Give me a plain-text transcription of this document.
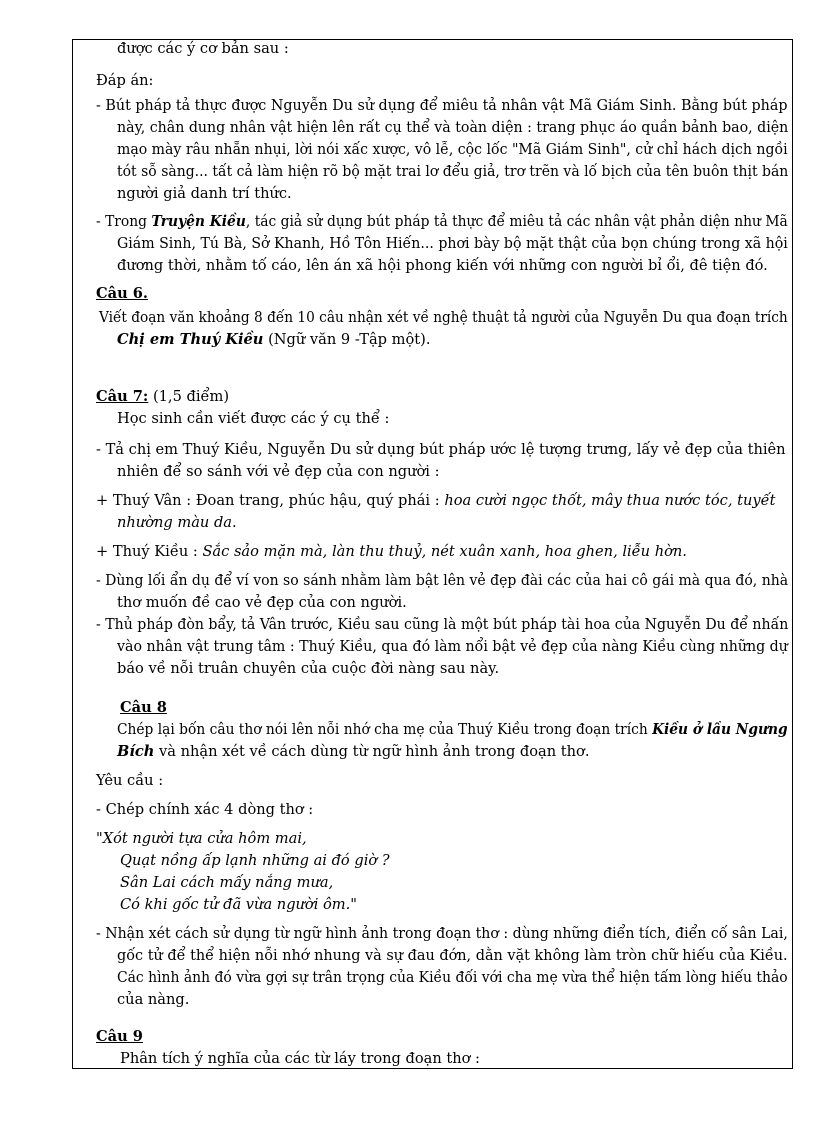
được các ý cơ bản sau :
Đáp án:
- Bút pháp tả thực được Nguyễn Du sử dụng để miêu tả nhân vật Mã Giám Sinh. Bằng bút pháp
này, chân dung nhân vật hiện lên rất cụ thể và toàn diện : trang phục áo quần bảnh bao, diện
mạo mày râu nhẵn nhụi, lời nói xấc xược, vô lễ, cộc lốc "Mã Giám Sinh", cử chỉ hách dịch ngồi
tót sỗ sàng... tất cả làm hiện rõ bộ mặt trai lơ đểu giả, trơ trẽn và lố bịch của tên buôn thịt bán
người giả danh trí thức.
- Trong Truyện Kiều, tác giả sử dụng bút pháp tả thực để miêu tả các nhân vật phản diện như Mã
Giám Sinh, Tú Bà, Sở Khanh, Hồ Tôn Hiến... phơi bày bộ mặt thật của bọn chúng trong xã hội
đương thời, nhằm tố cáo, lên án xã hội phong kiến với những con người bỉ ổi, đê tiện đó.
Câu 6.
Viết đoạn văn khoảng 8 đến 10 câu nhận xét về nghệ thuật tả người của Nguyễn Du qua đoạn trích
Chị em Thuý Kiều (Ngữ văn 9 -Tập một).
Câu 7: (1,5 điểm)
Học sinh cần viết được các ý cụ thể :
- Tả chị em Thuý Kiều, Nguyễn Du sử dụng bút pháp ước lệ tượng trưng, lấy vẻ đẹp của thiên
nhiên để so sánh với vẻ đẹp của con người :
+ Thuý Vân : Đoan trang, phúc hậu, quý phái : hoa cười ngọc thốt, mây thua nước tóc, tuyết
nhường màu da.
+ Thuý Kiều : Sắc sảo mặn mà, làn thu thuỷ, nét xuân xanh, hoa ghen, liễu hờn.
- Dùng lối ẩn dụ để ví von so sánh nhằm làm bật lên vẻ đẹp đài các của hai cô gái mà qua đó, nhà
thơ muốn đề cao vẻ đẹp của con người.
- Thủ pháp đòn bẩy, tả Vân trước, Kiều sau cũng là một bút pháp tài hoa của Nguyễn Du để nhấn
vào nhân vật trung tâm : Thuý Kiều, qua đó làm nổi bật vẻ đẹp của nàng Kiều cùng những dự
báo về nỗi truân chuyên của cuộc đời nàng sau này.
Câu 8
Chép lại bốn câu thơ nói lên nỗi nhớ cha mẹ của Thuý Kiều trong đoạn trích Kiều ở lầu Ngưng
Bích và nhận xét về cách dùng từ ngữ hình ảnh trong đoạn thơ.
Yêu cầu :
- Chép chính xác 4 dòng thơ :
"Xót người tựa cửa hôm mai,
Quạt nồng ấp lạnh những ai đó giờ ?
Sân Lai cách mấy nắng mưa,
Có khi gốc tử đã vừa người ôm."
- Nhận xét cách sử dụng từ ngữ hình ảnh trong đoạn thơ : dùng những điển tích, điển cố sân Lai,
gốc tử để thể hiện nỗi nhớ nhung và sự đau đớn, dằn vặt không làm tròn chữ hiếu của Kiều.
Các hình ảnh đó vừa gợi sự trân trọng của Kiều đối với cha mẹ vừa thể hiện tấm lòng hiếu thảo
của nàng.
Câu 9
Phân tích ý nghĩa của các từ láy trong đoạn thơ :
